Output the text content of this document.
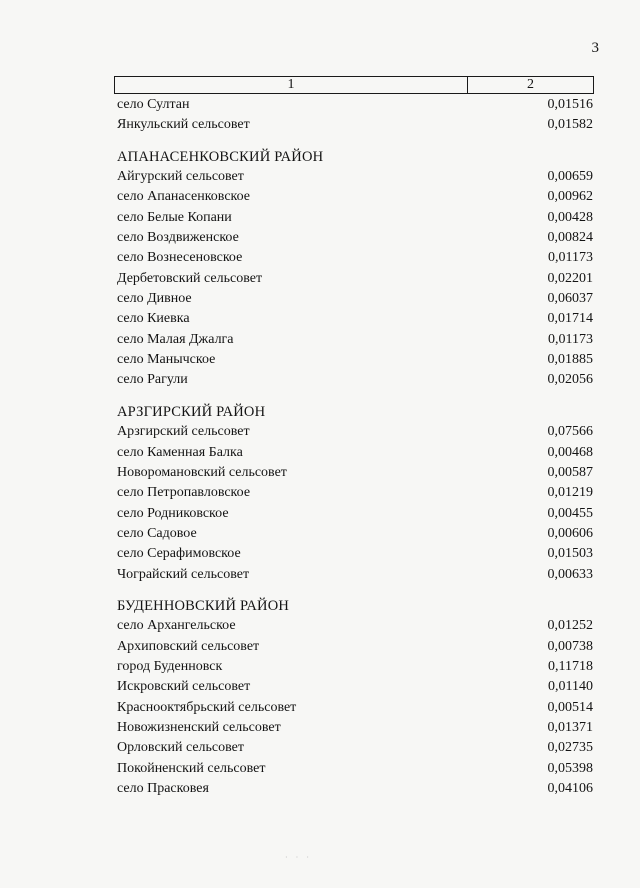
3
1	2
село Султан	0,01516
Янкульский сельсовет	0,01582
АПАНАСЕНКОВСКИЙ РАЙОН
Айгурский сельсовет	0,00659
село Апанасенковское	0,00962
село Белые Копани	0,00428
село Воздвиженское	0,00824
село Вознесеновское	0,01173
Дербетовский сельсовет	0,02201
село Дивное	0,06037
село Киевка	0,01714
село Малая Джалга	0,01173
село Манычское	0,01885
село Рагули	0,02056
АРЗГИРСКИЙ РАЙОН
Арзгирский сельсовет	0,07566
село Каменная Балка	0,00468
Новоромановский сельсовет	0,00587
село Петропавловское	0,01219
село Родниковское	0,00455
село Садовое	0,00606
село Серафимовское	0,01503
Чограйский сельсовет	0,00633
БУДЕННОВСКИЙ РАЙОН
село Архангельское	0,01252
Архиповский сельсовет	0,00738
город Буденновск	0,11718
Искровский сельсовет	0,01140
Краснооктябрьский сельсовет	0,00514
Новожизненский сельсовет	0,01371
Орловский сельсовет	0,02735
Покойненский сельсовет	0,05398
село Прасковея	0,04106
· · ·
